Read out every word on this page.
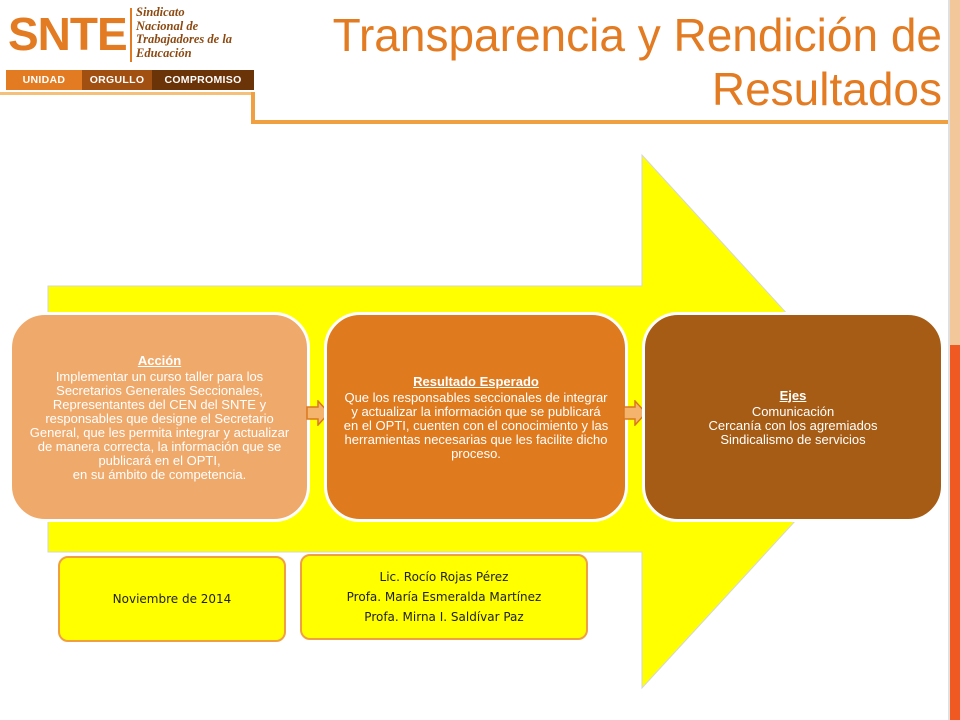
SNTE Sindicato
Nacional de
Trabajadores de la
Educación
UNIDAD	ORGULLO	COMPROMISO
Transparencia y Rendición de Resultados
Acción
Implementar un curso taller para los Secretarios Generales Seccionales, Representantes del CEN del SNTE y responsables que designe el Secretario General, que les permita integrar y actualizar de manera correcta, la información que se publicará en el OPTI,
en su ámbito de competencia.
Resultado Esperado
Que los responsables seccionales de integrar y actualizar la información que se publicará en el OPTI, cuenten con el conocimiento y las herramientas necesarias que les facilite dicho proceso.
Ejes
Comunicación
Cercanía con los agremiados
Sindicalismo de servicios
Noviembre de 2014
Lic. Rocío Rojas Pérez
Profa. María Esmeralda Martínez
Profa. Mirna I. Saldívar Paz
